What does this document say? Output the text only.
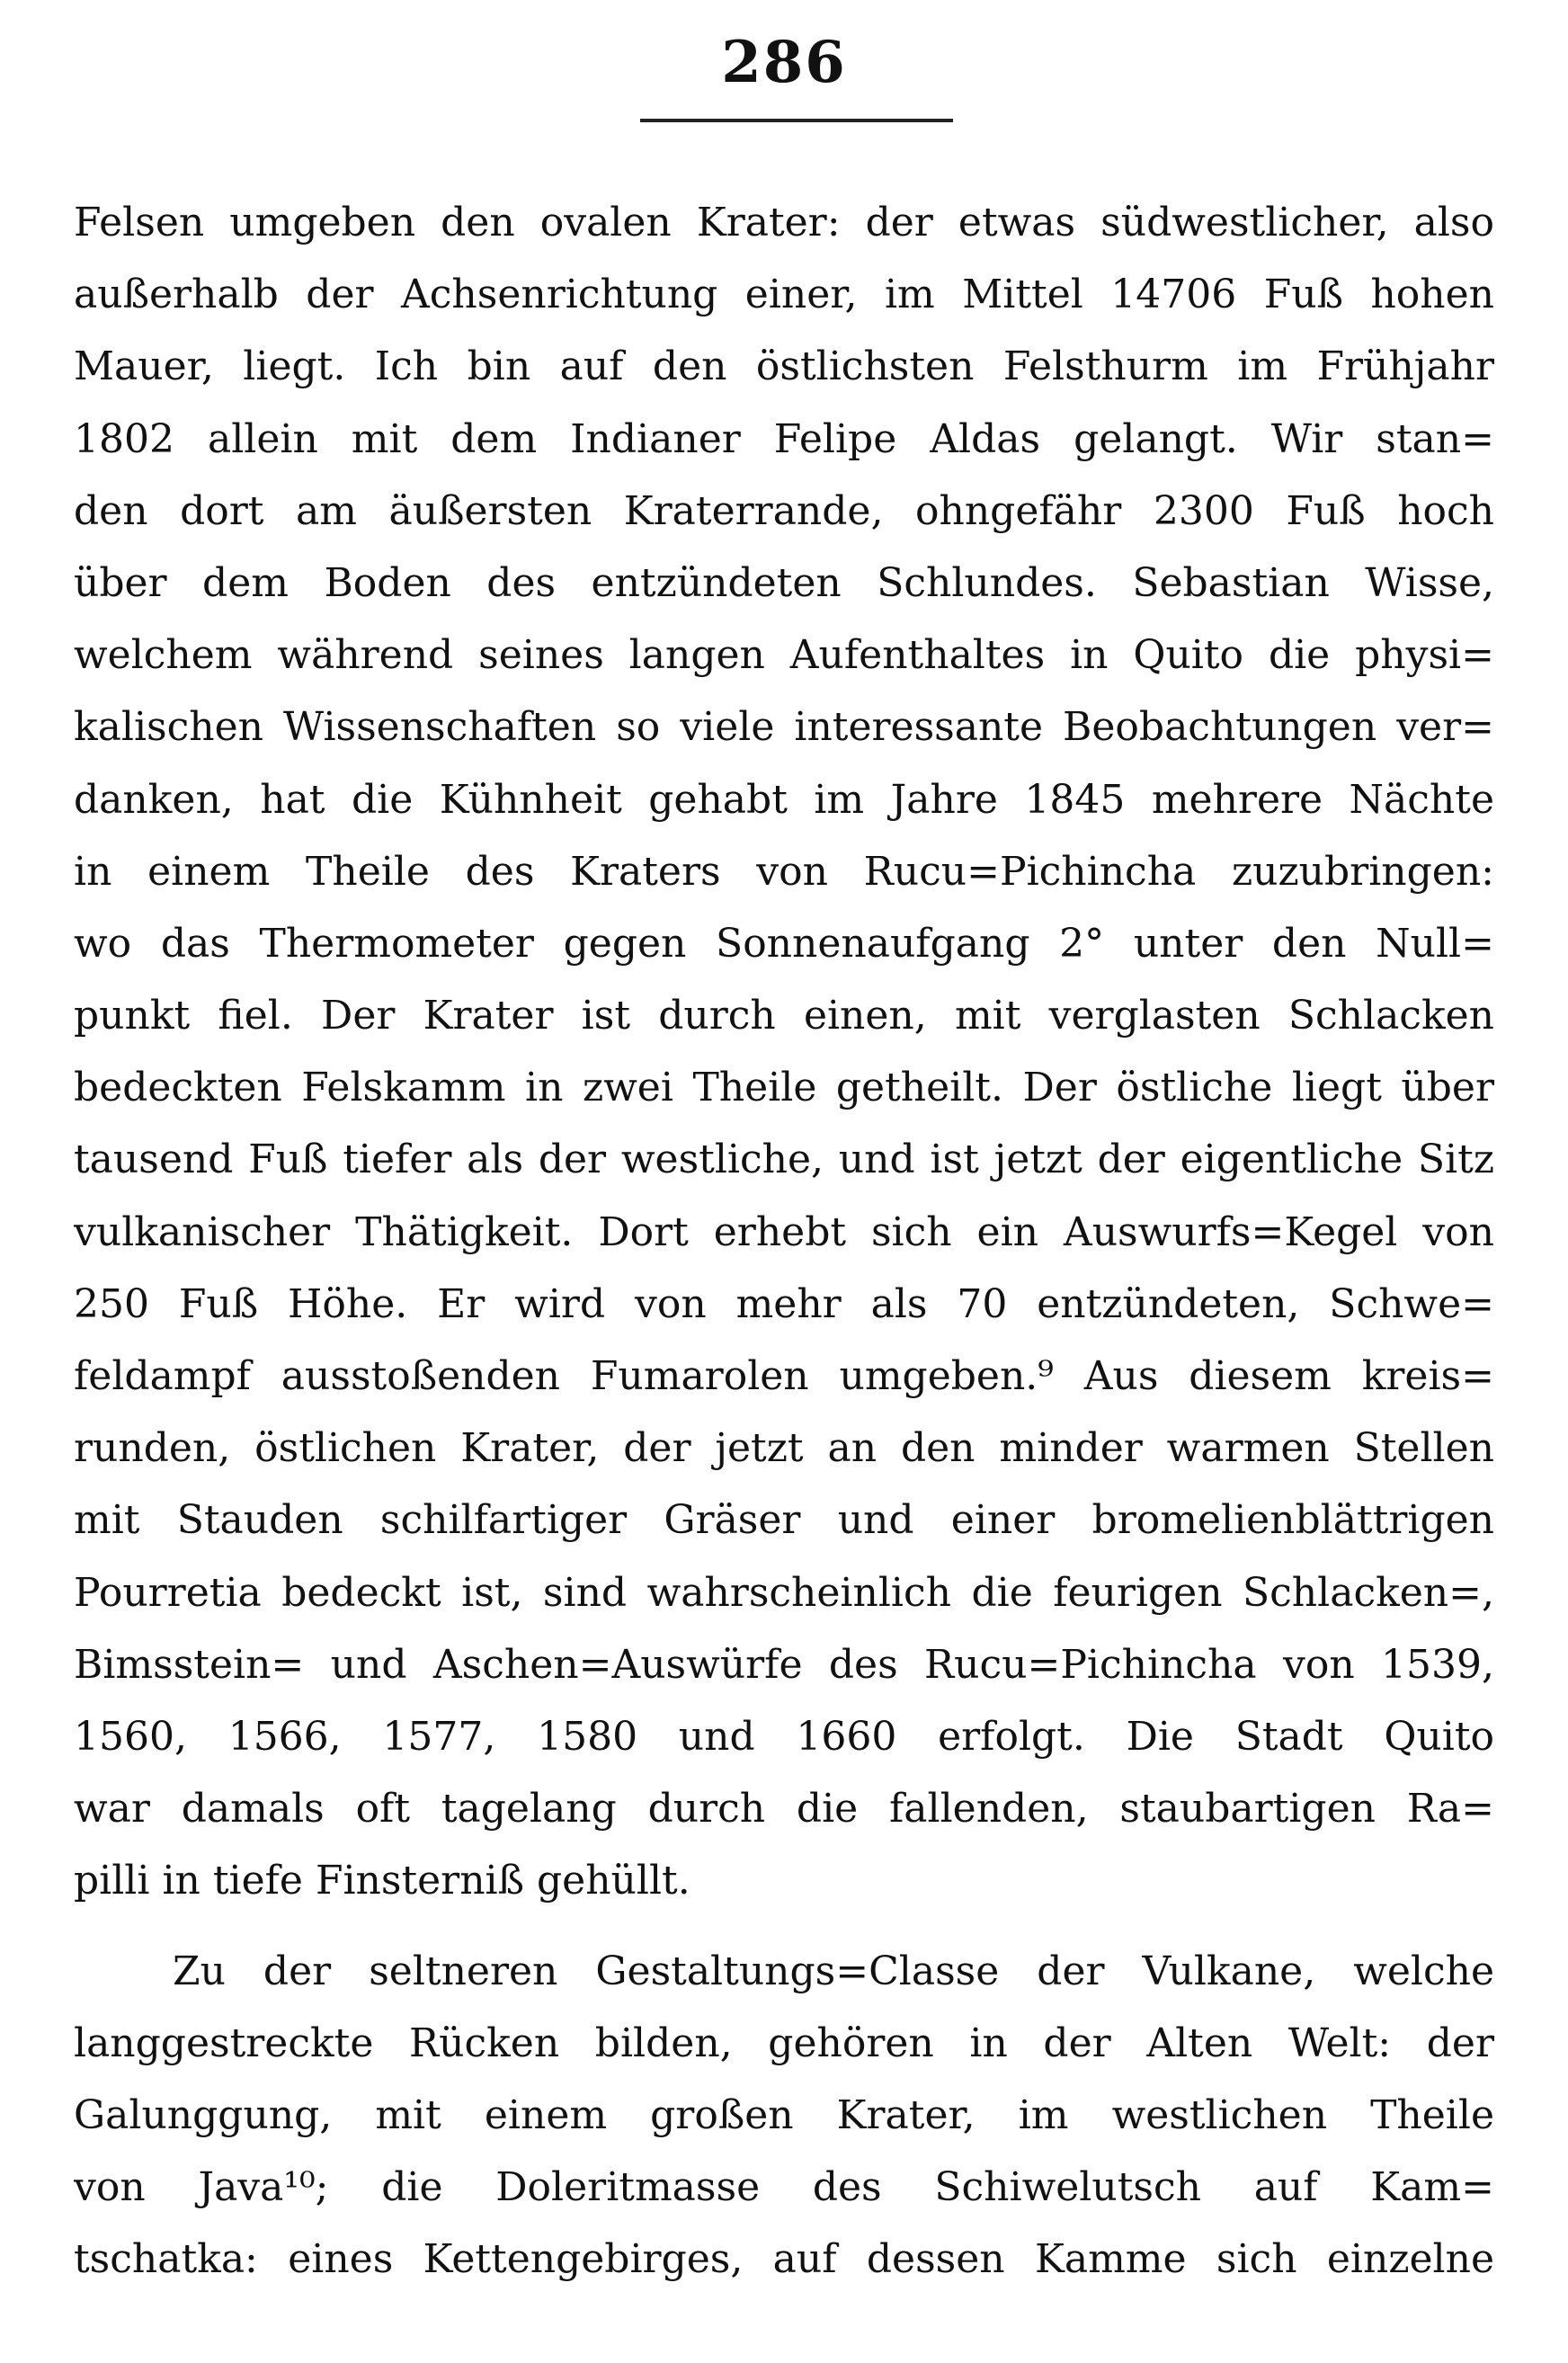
286
Felsen umgeben den ovalen Krater: der etwas südwestlicher, also
außerhalb der Achsenrichtung einer, im Mittel 14706 Fuß hohen
Mauer, liegt. Ich bin auf den östlichsten Felsthurm im Frühjahr
1802 allein mit dem Indianer Felipe Aldas gelangt. Wir stan=
den dort am äußersten Kraterrande, ohngefähr 2300 Fuß hoch
über dem Boden des entzündeten Schlundes. Sebastian Wisse,
welchem während seines langen Aufenthaltes in Quito die physi=
kalischen Wissenschaften so viele interessante Beobachtungen ver=
danken, hat die Kühnheit gehabt im Jahre 1845 mehrere Nächte
in einem Theile des Kraters von Rucu=Pichincha zuzubringen:
wo das Thermometer gegen Sonnenaufgang 2° unter den Null=
punkt fiel. Der Krater ist durch einen, mit verglasten Schlacken
bedeckten Felskamm in zwei Theile getheilt. Der östliche liegt über
tausend Fuß tiefer als der westliche, und ist jetzt der eigentliche Sitz
vulkanischer Thätigkeit. Dort erhebt sich ein Auswurfs=Kegel von
250 Fuß Höhe. Er wird von mehr als 70 entzündeten, Schwe=
feldampf ausstoßenden Fumarolen umgeben.⁹ Aus diesem kreis=
runden, östlichen Krater, der jetzt an den minder warmen Stellen
mit Stauden schilfartiger Gräser und einer bromelienblättrigen
Pourretia bedeckt ist, sind wahrscheinlich die feurigen Schlacken=,
Bimsstein= und Aschen=Auswürfe des Rucu=Pichincha von 1539,
1560, 1566, 1577, 1580 und 1660 erfolgt. Die Stadt Quito
war damals oft tagelang durch die fallenden, staubartigen Ra=
pilli in tiefe Finsterniß gehüllt.
Zu der seltneren Gestaltungs=Classe der Vulkane, welche
langgestreckte Rücken bilden, gehören in der Alten Welt: der
Galunggung, mit einem großen Krater, im westlichen Theile
von Java¹⁰; die Doleritmasse des Schiwelutsch auf Kam=
tschatka: eines Kettengebirges, auf dessen Kamme sich einzelne
